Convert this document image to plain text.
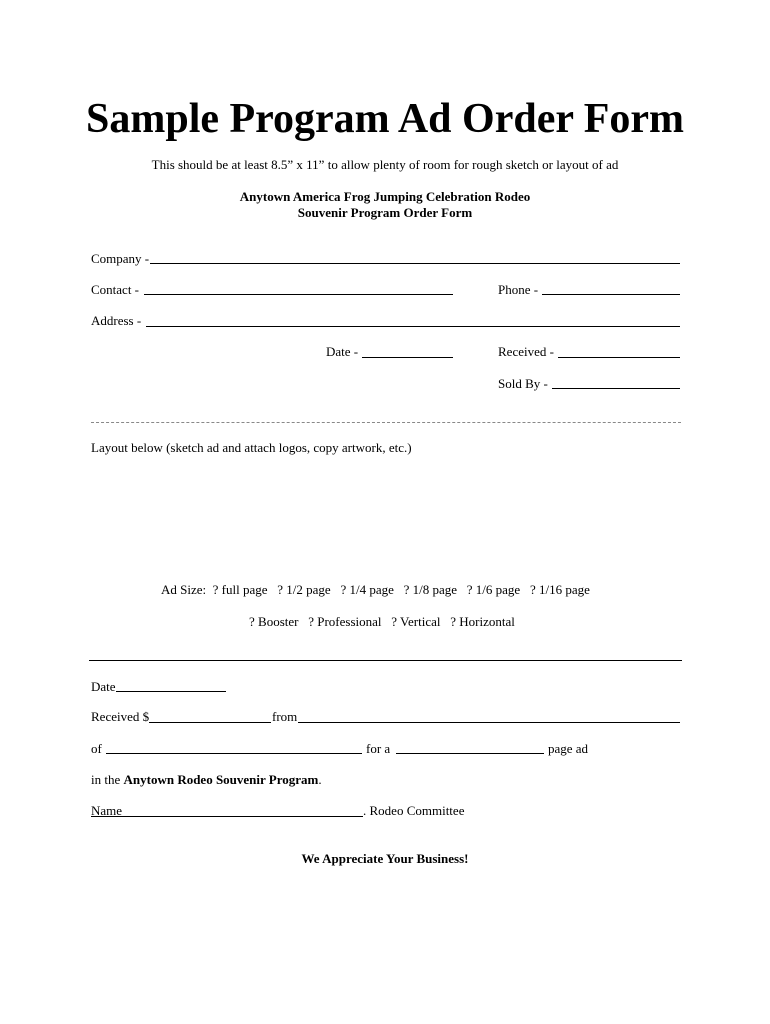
Sample Program Ad Order Form
This should be at least 8.5” x 11” to allow plenty of room for rough sketch or layout of ad
Anytown America Frog Jumping Celebration Rodeo
Souvenir Program Order Form
Company -
Contact -	Phone -
Address -
Date -	Received -
Sold By -
Layout below (sketch ad and attach logos, copy artwork, etc.)
Ad Size: ? full page ? 1/2 page ? 1/4 page ? 1/8 page ? 1/6 page ? 1/16 page
? Booster ? Professional ? Vertical ? Horizontal
Date
Received $	from
of	for a	page ad
in the Anytown Rodeo Souvenir Program.
Name	. Rodeo Committee
We Appreciate Your Business!
